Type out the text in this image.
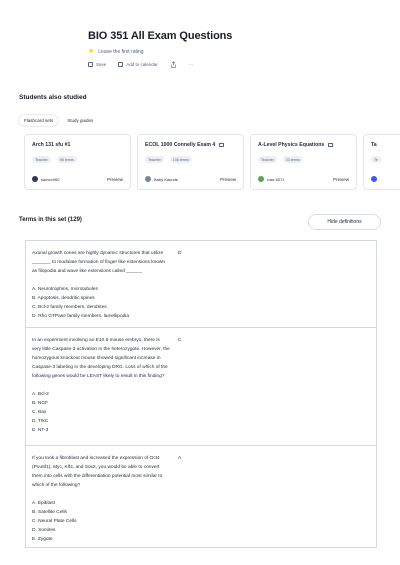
BIO 351 All Exam Questions
★ Leave the first rating
Save	Add to calendar	···
Students also studied
Flashcard sets	Study guides
Arch 131 sfu #1
Teacher	98 terms
sakvur960	Preview
ECOL 1000 Connelly Exam 4
Teacher	136 terms
Baby Kaunds	Preview
A-Level Physics Equations
Teacher	33 terms
ross 6071	Preview
Ta
Te
Terms in this set (129)	Hide definitions
Axonal growth cones are highly dynamic structures that utilize _______ to modulate formation of finger like extensions known as filopodia and wave like extensions called ______
A. Neurotrophins, microtubules
B. Apoptosis, dendritic spines
C. Bcl-2 family members, dendrites
D. Rho GTPase family members, lamellipodia
D
In an experiment involving an E10.5 mouse embryo, there is very little Caspase-3 activation in the heterozygote. However, the homozygous knockout mouse showed significant increase in Caspase-3 labeling in the developing DRG. Loss of which of the following genes would be LEAST likely to result in this finding?
A. Bcl-2
B. NGF
C. Bax
D. TrkC
E. NT-3
C
If you took a fibroblast and increased the expression of Oct4 (Pou5f1), Myc, Klf4, and Sox2, you would be able to convert them into cells with the differentiation potential most similar to which of the following?
A. Epiblast
B. Satellite Cells
C. Neural Plate Cells
D. Somites
E. Zygote
A
